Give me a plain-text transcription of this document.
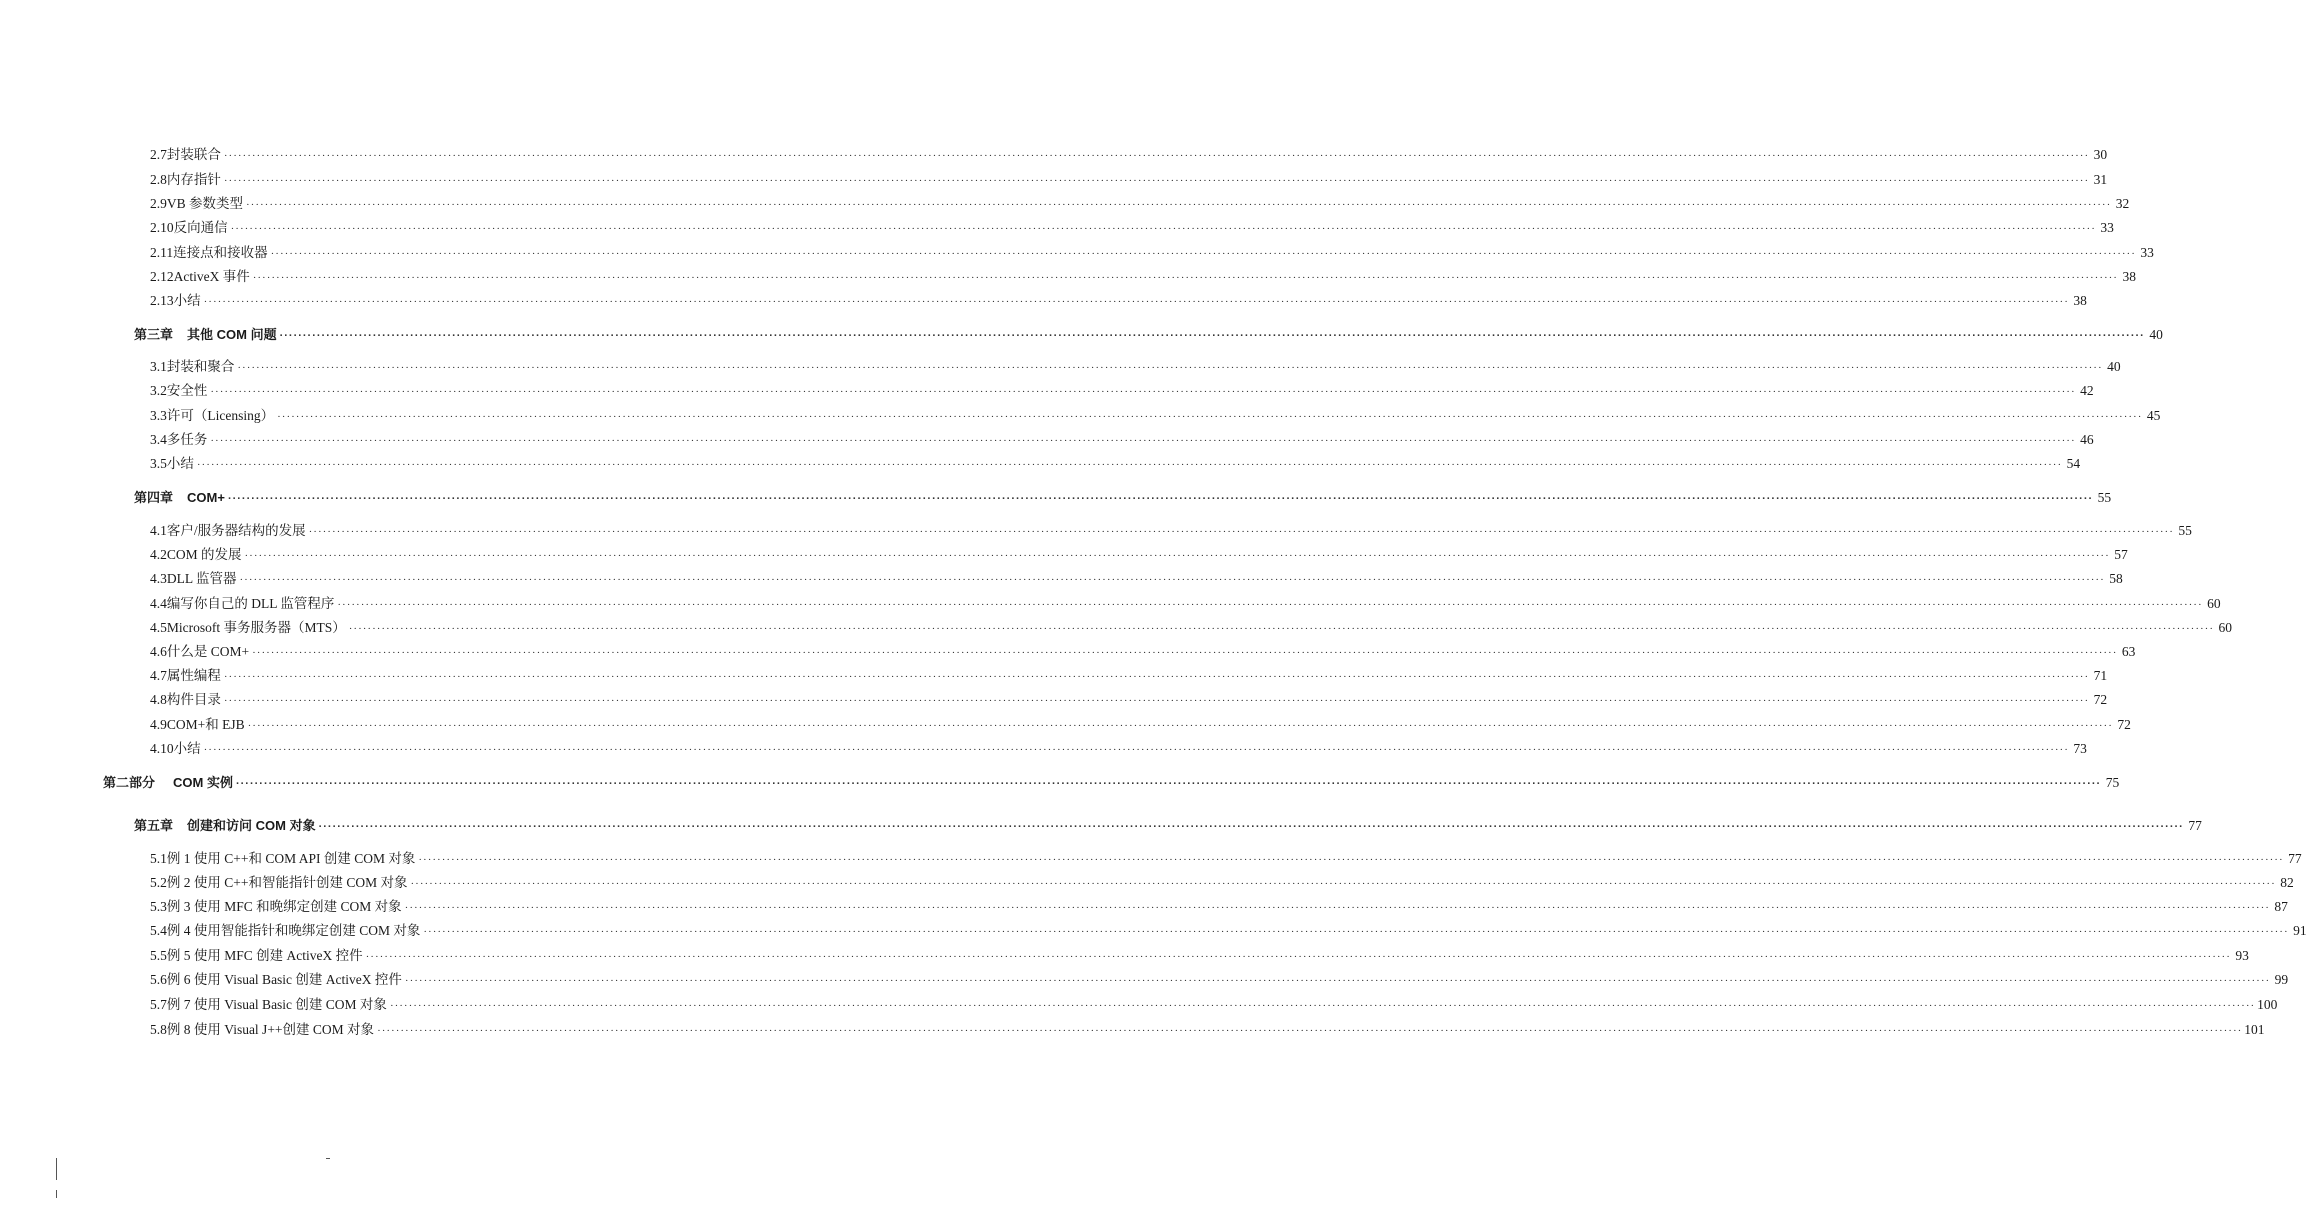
2.7 封装联合 ················································································································································································································································································································································································································ 30
2.8 内存指针 ················································································································································································································································································································································································································ 31
2.9 VB 参数类型 ················································································································································································································································································································································································································ 32
2.10 反向通信 ················································································································································································································································································································································································································ 33
2.11 连接点和接收器 ················································································································································································································································································································································································································ 33
2.12 ActiveX 事件 ················································································································································································································································································································································································································ 38
2.13 小结 ················································································································································································································································································································································································································ 38
第三章 其他 COM 问题 ················································································································································································································································································································································································································ 40
3.1 封装和聚合 ················································································································································································································································································································································································································ 40
3.2 安全性 ················································································································································································································································································································································································································ 42
3.3 许可（Licensing） ················································································································································································································································································································································································································ 45
3.4 多任务 ················································································································································································································································································································································································································ 46
3.5 小结 ················································································································································································································································································································································································································ 54
第四章 COM+ ················································································································································································································································································································································································································ 55
4.1 客户/服务器结构的发展 ················································································································································································································································································································································································································ 55
4.2 COM 的发展 ················································································································································································································································································································································································································ 57
4.3 DLL 监管器 ················································································································································································································································································································································································································ 58
4.4 编写你自己的 DLL 监管程序 ················································································································································································································································································································································································································ 60
4.5 Microsoft 事务服务器（MTS） ················································································································································································································································································································································································································ 60
4.6 什么是 COM+ ················································································································································································································································································································································································································ 63
4.7 属性编程 ················································································································································································································································································································································································································ 71
4.8 构件目录 ················································································································································································································································································································································································································ 72
4.9 COM+和 EJB ················································································································································································································································································································································································································ 72
4.10 小结 ················································································································································································································································································································································································································ 73
第二部分 COM 实例 ················································································································································································································································································································································································································ 75
第五章 创建和访问 COM 对象 ················································································································································································································································································································································································································ 77
5.1 例 1 使用 C++和 COM API 创建 COM 对象 ················································································································································································································································································································································································································ 77
5.2 例 2 使用 C++和智能指针创建 COM 对象 ················································································································································································································································································································································································································ 82
5.3 例 3 使用 MFC 和晚绑定创建 COM 对象 ················································································································································································································································································································································································································ 87
5.4 例 4 使用智能指针和晚绑定创建 COM 对象 ················································································································································································································································································································································································································ 91
5.5 例 5 使用 MFC 创建 ActiveX 控件 ················································································································································································································································································································································································································ 93
5.6 例 6 使用 Visual Basic 创建 ActiveX 控件 ················································································································································································································································································································································································································ 99
5.7 例 7 使用 Visual Basic 创建 COM 对象 ················································································································································································································································································································································································································ 100
5.8 例 8 使用 Visual J++创建 COM 对象 ················································································································································································································································································································································································································ 101
